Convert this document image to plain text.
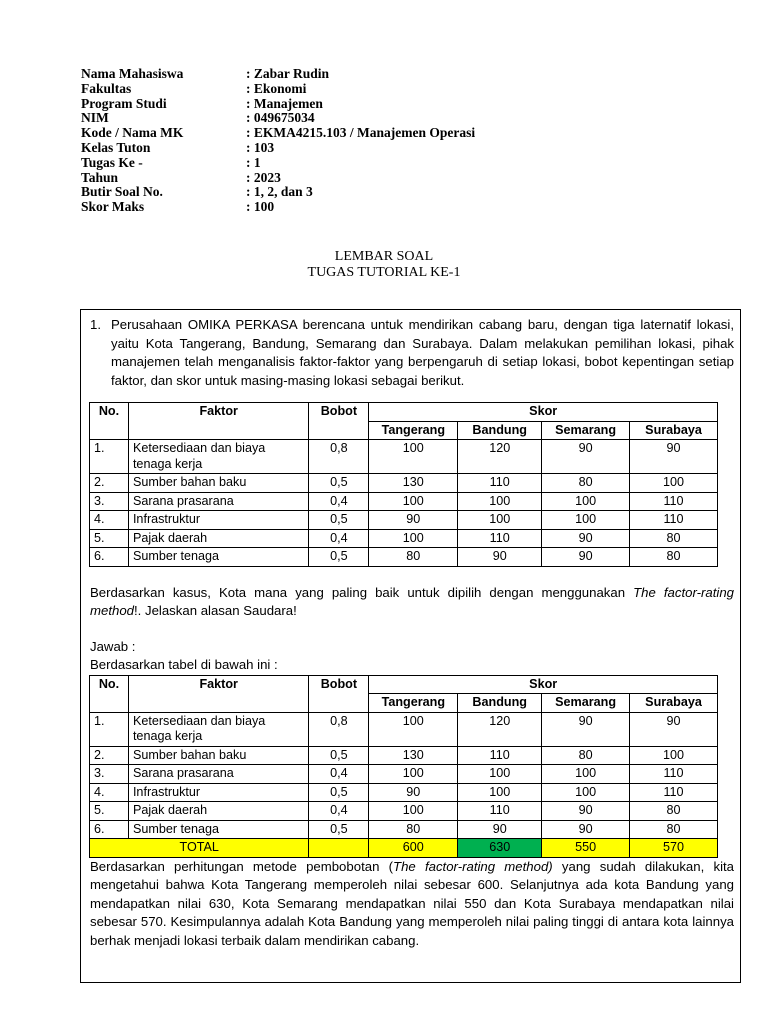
Nama Mahasiswa	: Zabar Rudin
Fakultas	: Ekonomi
Program Studi	: Manajemen
NIM	: 049675034
Kode / Nama MK	: EKMA4215.103 / Manajemen Operasi
Kelas Tuton	: 103
Tugas Ke -	: 1
Tahun	: 2023
Butir Soal No.	: 1, 2, dan 3
Skor Maks	: 100
LEMBAR SOAL
TUGAS TUTORIAL KE-1
1. Perusahaan OMIKA PERKASA berencana untuk mendirikan cabang baru, dengan tiga laternatif lokasi, yaitu Kota Tangerang, Bandung, Semarang dan Surabaya. Dalam melakukan pemilihan lokasi, pihak manajemen telah menganalisis faktor-faktor yang berpengaruh di setiap lokasi, bobot kepentingan setiap faktor, dan skor untuk masing-masing lokasi sebagai berikut.
No.	Faktor	Bobot	Skor			
			Tangerang	Bandung	Semarang	Surabaya
1.	Ketersediaan dan biaya tenaga kerja	0,8	100	120	90	90
2.	Sumber bahan baku	0,5	130	110	80	100
3.	Sarana prasarana	0,4	100	100	100	110
4.	Infrastruktur	0,5	90	100	100	110
5.	Pajak daerah	0,4	100	110	90	80
6.	Sumber tenaga	0,5	80	90	90	80
Berdasarkan kasus, Kota mana yang paling baik untuk dipilih dengan menggunakan The factor-rating method!. Jelaskan alasan Saudara!
Jawab :
Berdasarkan tabel di bawah ini :
No.	Faktor	Bobot	Skor			
			Tangerang	Bandung	Semarang	Surabaya
1.	Ketersediaan dan biaya tenaga kerja	0,8	100	120	90	90
2.	Sumber bahan baku	0,5	130	110	80	100
3.	Sarana prasarana	0,4	100	100	100	110
4.	Infrastruktur	0,5	90	100	100	110
5.	Pajak daerah	0,4	100	110	90	80
6.	Sumber tenaga	0,5	80	90	90	80
TOTAL			600	630	550	570
Berdasarkan perhitungan metode pembobotan (The factor-rating method) yang sudah dilakukan, kita mengetahui bahwa Kota Tangerang memperoleh nilai sebesar 600. Selanjutnya ada kota Bandung yang mendapatkan nilai 630, Kota Semarang mendapatkan nilai 550 dan Kota Surabaya mendapatkan nilai sebesar 570. Kesimpulannya adalah Kota Bandung yang memperoleh nilai paling tinggi di antara kota lainnya berhak menjadi lokasi terbaik dalam mendirikan cabang.
